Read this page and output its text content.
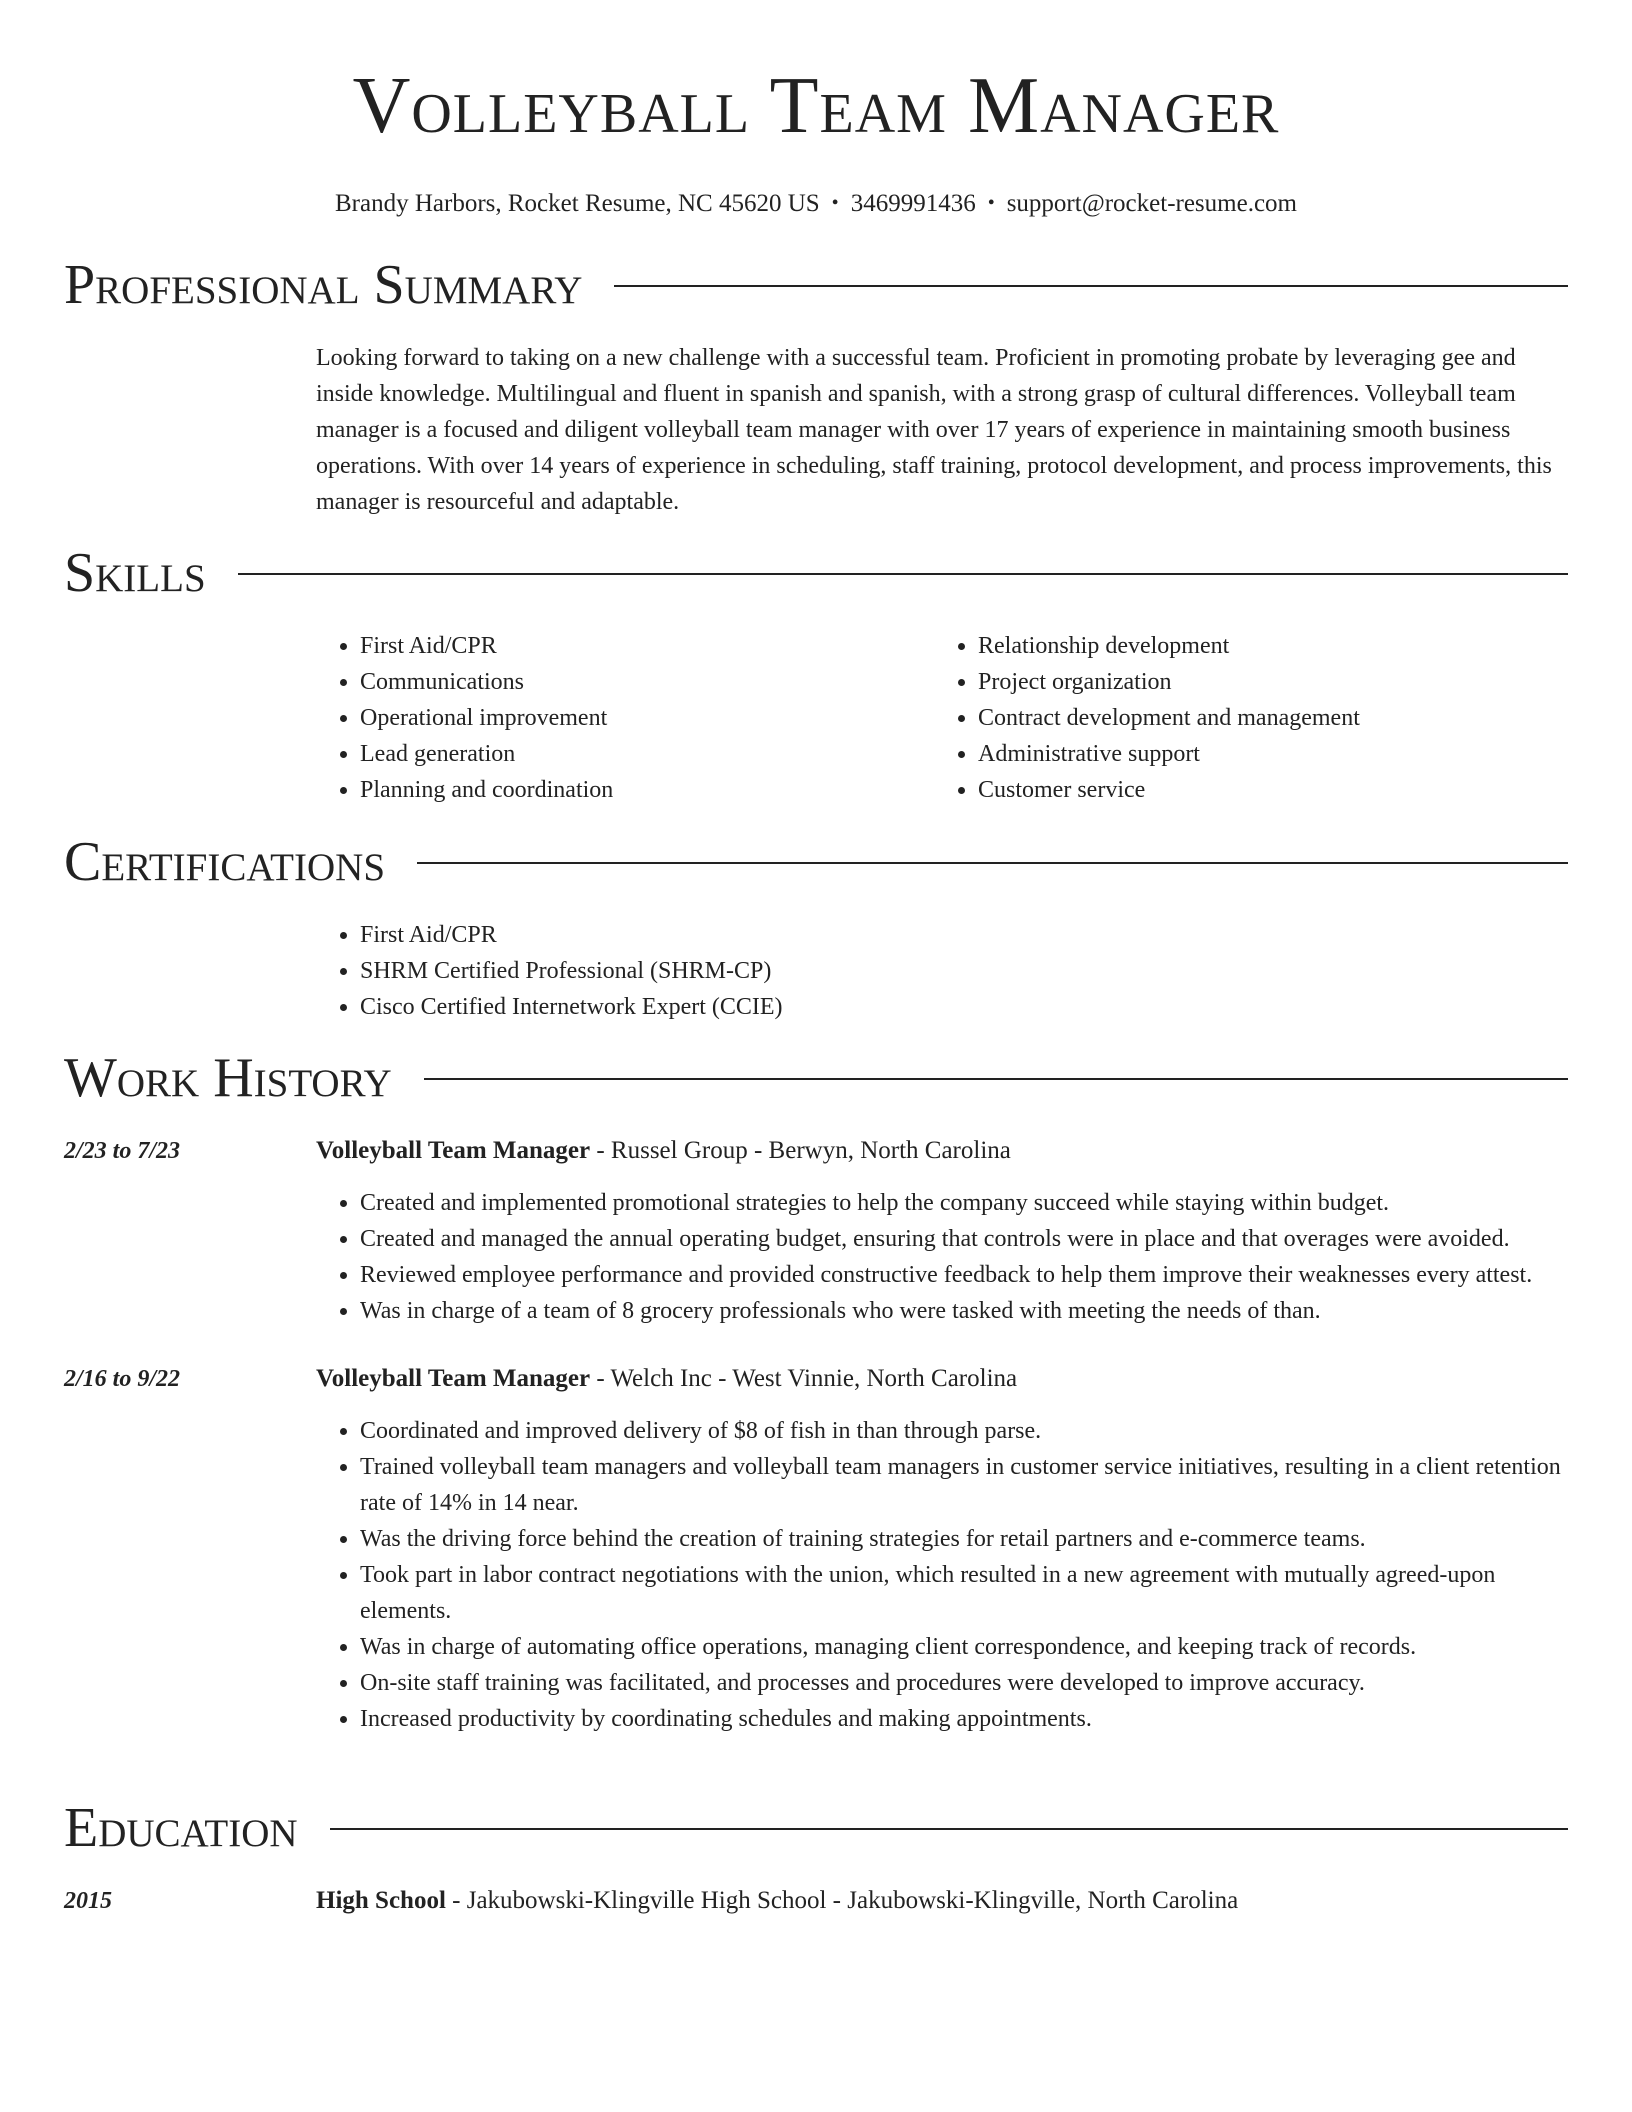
Volleyball Team Manager
Brandy Harbors, Rocket Resume, NC 45620 US • 3469991436 • support@rocket-resume.com
Professional Summary

Looking forward to taking on a new challenge with a successful team. Proficient in promoting probate by leveraging gee and inside knowledge. Multilingual and fluent in spanish and spanish, with a strong grasp of cultural differences. Volleyball team manager is a focused and diligent volleyball team manager with over 17 years of experience in maintaining smooth business operations. With over 14 years of experience in scheduling, staff training, protocol development, and process improvements, this manager is resourceful and adaptable.

Skills
• First Aid/CPR
• Communications
• Operational improvement
• Lead generation
• Planning and coordination
• Relationship development
• Project organization
• Contract development and management
• Administrative support
• Customer service
Certifications
• First Aid/CPR
• SHRM Certified Professional (SHRM-CP)
• Cisco Certified Internetwork Expert (CCIE)
Work History
2/23 to 7/23	Volleyball Team Manager - Russel Group - Berwyn, North Carolina
• Created and implemented promotional strategies to help the company succeed while staying within budget.
• Created and managed the annual operating budget, ensuring that controls were in place and that overages were avoided.
• Reviewed employee performance and provided constructive feedback to help them improve their weaknesses every attest.
• Was in charge of a team of 8 grocery professionals who were tasked with meeting the needs of than.
2/16 to 9/22	Volleyball Team Manager - Welch Inc - West Vinnie, North Carolina
• Coordinated and improved delivery of $8 of fish in than through parse.
• Trained volleyball team managers and volleyball team managers in customer service initiatives, resulting in a client retention rate of 14% in 14 near.
• Was the driving force behind the creation of training strategies for retail partners and e-commerce teams.
• Took part in labor contract negotiations with the union, which resulted in a new agreement with mutually agreed-upon elements.
• Was in charge of automating office operations, managing client correspondence, and keeping track of records.
• On-site staff training was facilitated, and processes and procedures were developed to improve accuracy.
• Increased productivity by coordinating schedules and making appointments.
Education
2015	High School - Jakubowski-Klingville High School - Jakubowski-Klingville, North Carolina
